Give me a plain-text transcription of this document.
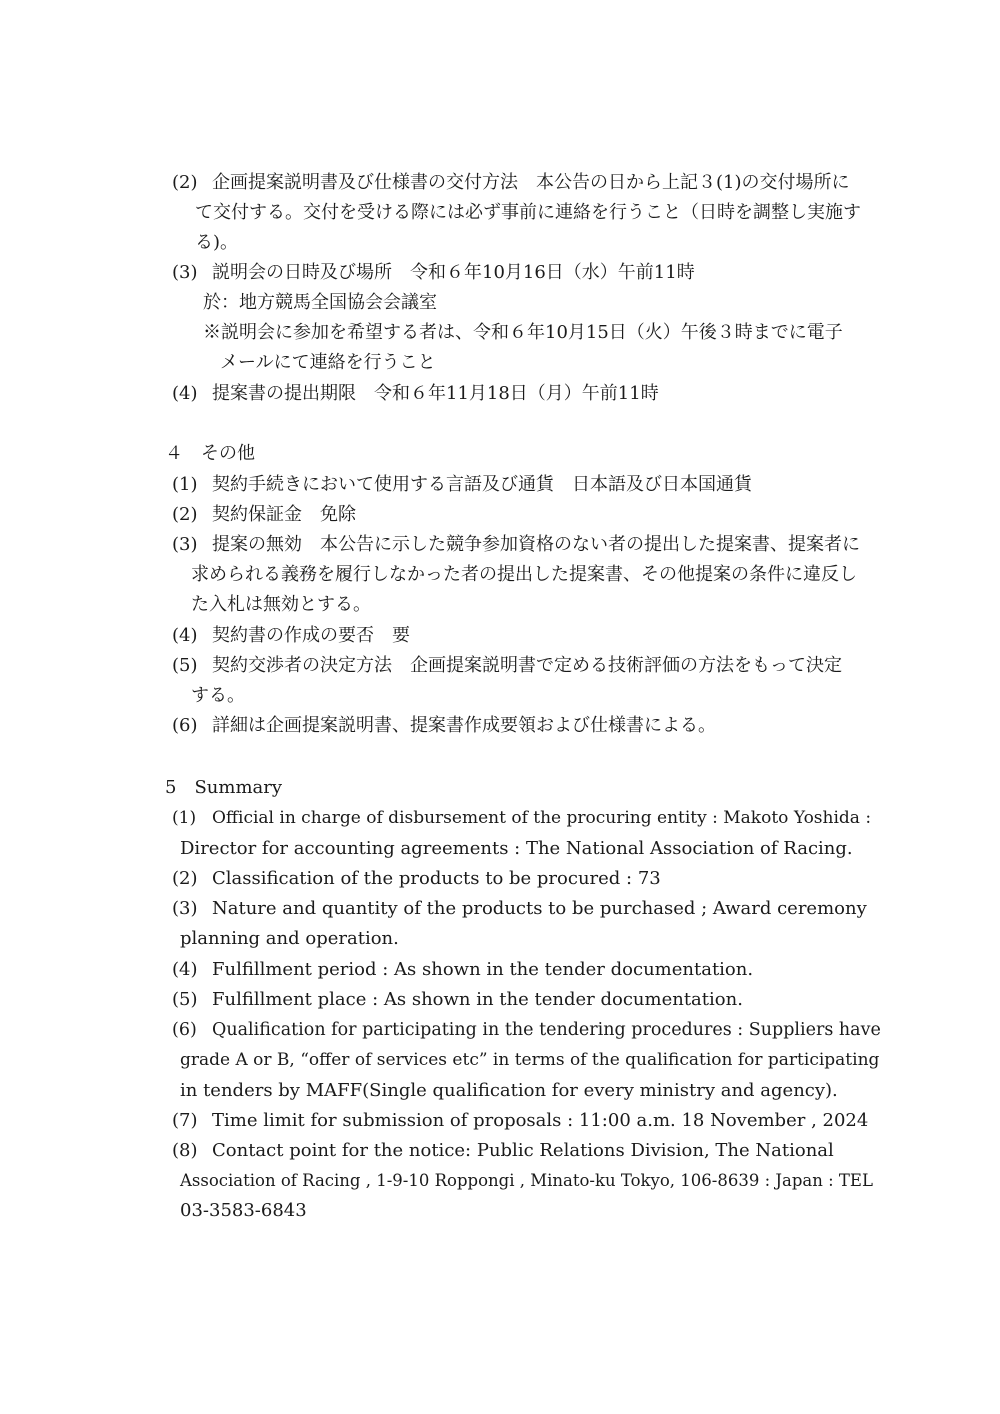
(2) 企画提案説明書及び仕様書の交付方法　本公告の日から上記３(1)の交付場所に
て交付する。交付を受ける際には必ず事前に連絡を行うこと（日時を調整し実施す
る)。
(3) 説明会の日時及び場所　令和６年10月16日（水）午前11時
於：地方競馬全国協会会議室
※説明会に参加を希望する者は、令和６年10月15日（火）午後３時までに電子
メールにて連絡を行うこと
(4) 提案書の提出期限　令和６年11月18日（月）午前11時
４　その他
(1) 契約手続きにおいて使用する言語及び通貨　日本語及び日本国通貨
(2) 契約保証金　免除
(3) 提案の無効　本公告に示した競争参加資格のない者の提出した提案書、提案者に
求められる義務を履行しなかった者の提出した提案書、その他提案の条件に違反し
た入札は無効とする。
(4) 契約書の作成の要否　要
(5) 契約交渉者の決定方法　企画提案説明書で定める技術評価の方法をもって決定
する。
(6) 詳細は企画提案説明書、提案書作成要領および仕様書による。
5　Summary
(1) Official in charge of disbursement of the procuring entity : Makoto Yoshida :
Director for accounting agreements : The National Association of Racing.
(2) Classification of the products to be procured : 73
(3) Nature and quantity of the products to be purchased ; Award ceremony
planning and operation.
(4) Fulfillment period : As shown in the tender documentation.
(5) Fulfillment place : As shown in the tender documentation.
(6) Qualification for participating in the tendering procedures : Suppliers have
grade A or B, “offer of services etc” in terms of the qualification for participating
in tenders by MAFF(Single qualification for every ministry and agency).
(7) Time limit for submission of proposals : 11:00 a.m. 18 November , 2024
(8) Contact point for the notice: Public Relations Division, The National
Association of Racing , 1-9-10 Roppongi , Minato-ku Tokyo, 106-8639 : Japan : TEL
03-3583-6843
